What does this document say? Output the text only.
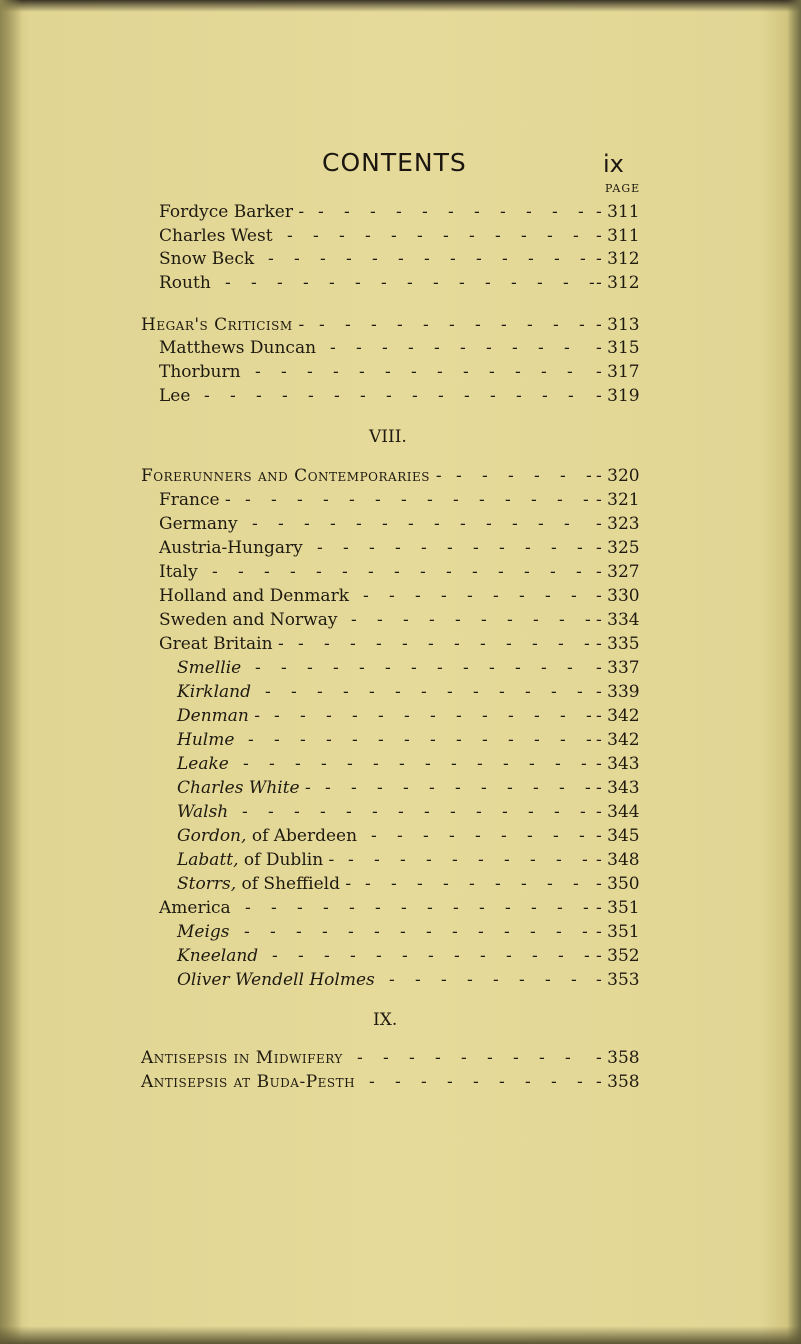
CONTENTS	ix
PAGE
Fordyce Barker -	- 311
- - - - - - - - - - -
Charles West	- 311
- - - - - - - - - - - -
Snow Beck	- 312
- - - - - - - - - - - - -
Routh	- 312
- - - - - - - - - - - - - - -
Hegar's Criticism -	- 313
- - - - - - - - - - -
Matthews Duncan	- 315
- - - - - - - - - -
Thorburn	- 317
- - - - - - - - - - - - -
Lee	- 319
- - - - - - - - - - - - - - -
VIII.
Forerunners and Contemporaries -	- 320
- - - - - -
France -	- 321
- - - - - - - - - - - - - -
Germany	- 323
- - - - - - - - - - - - -
Austria-Hungary	- 325
- - - - - - - - - - -
Italy	- 327
- - - - - - - - - - - - - - -
Holland and Denmark	- 330
- - - - - - - - -
Sweden and Norway	- 334
- - - - - - - - - -
Great Britain -	- 335
- - - - - - - - - - - -
Smellie	- 337
- - - - - - - - - - - - -
Kirkland	- 339
- - - - - - - - - - - - -
Denman -	- 342
- - - - - - - - - - - - -
Hulme	- 342
- - - - - - - - - - - - - -
Leake	- 343
- - - - - - - - - - - - - -
Charles White -	- 343
- - - - - - - - - - -
Walsh	- 344
- - - - - - - - - - - - - -
Gordon, of Aberdeen	- 345
- - - - - - - - -
Labatt, of Dublin -	- 348
- - - - - - - - - -
Storrs, of Sheffield -	- 350
- - - - - - - - -
America	- 351
- - - - - - - - - - - - - -
Meigs	- 351
- - - - - - - - - - - - - -
Kneeland	- 352
- - - - - - - - - - - - -
Oliver Wendell Holmes	- 353
- - - - - - - -
IX.
Antisepsis in Midwifery	- 358
- - - - - - - - -
Antisepsis at Buda-Pesth	- 358
- - - - - - - - -
